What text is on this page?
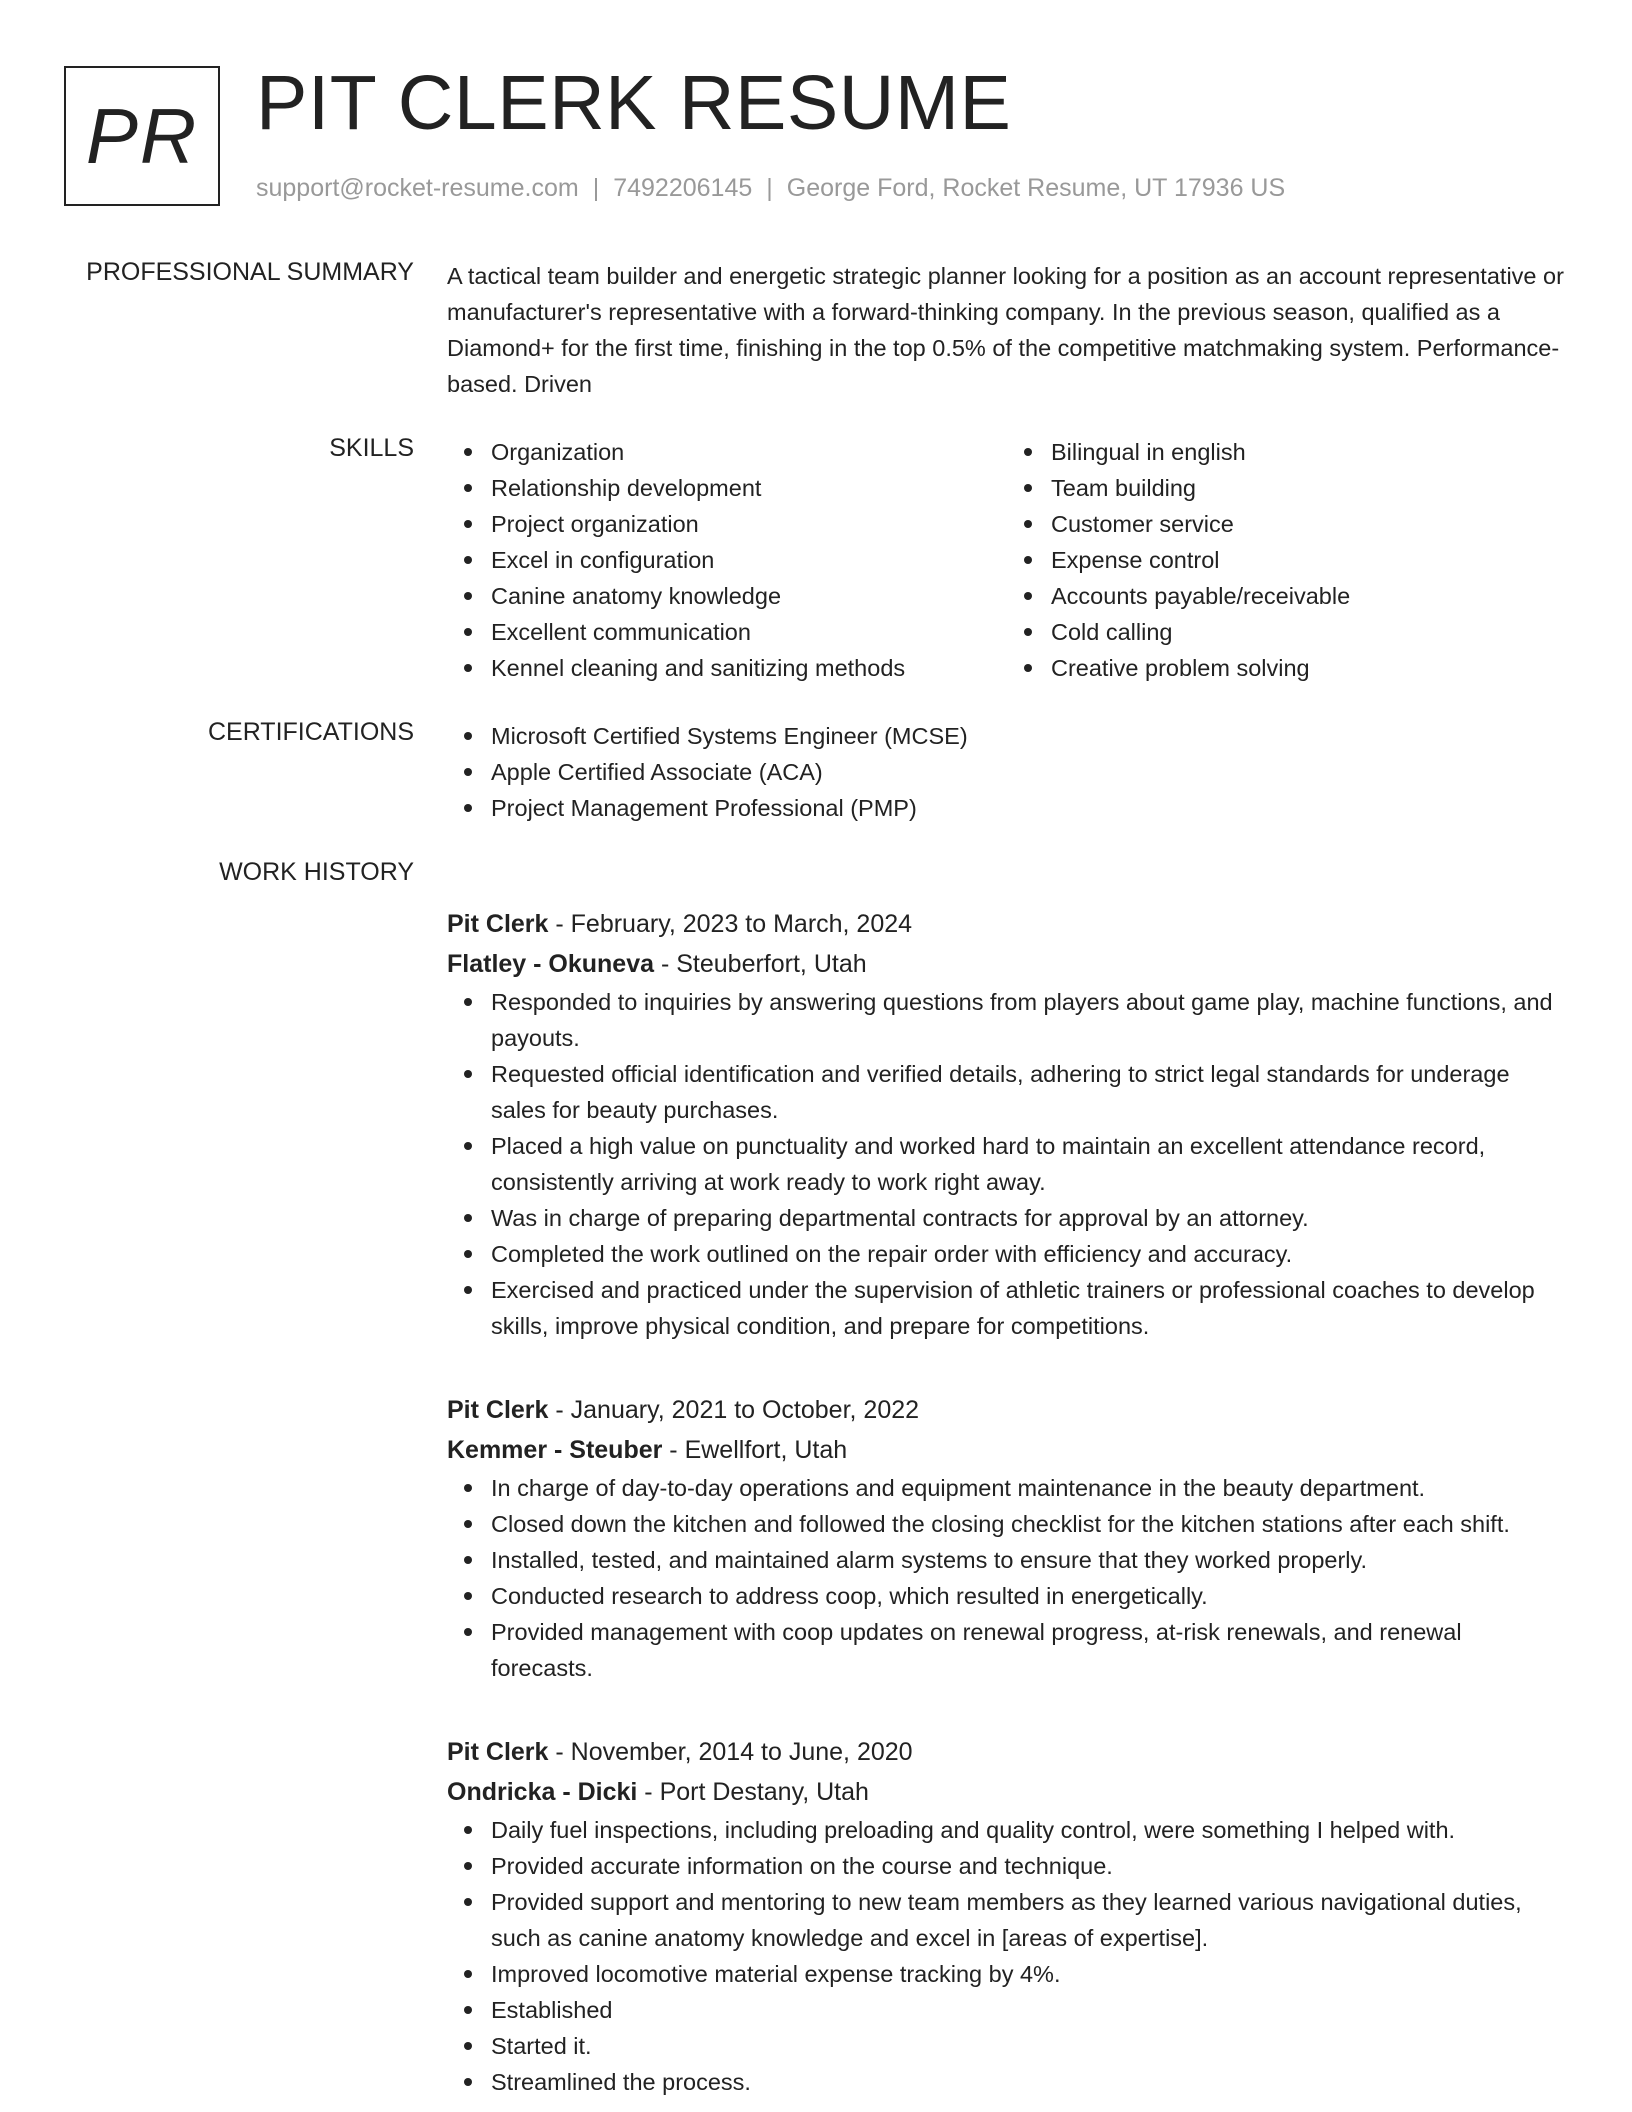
PR PIT CLERK RESUME
support@rocket-resume.com | 7492206145 | George Ford, Rocket Resume, UT 17936 US
PROFESSIONAL SUMMARY A tactical team builder and energetic strategic planner looking for a position as an account representative or manufacturer's representative with a forward-thinking company. In the previous season, qualified as a Diamond+ for the first time, finishing in the top 0.5% of the competitive matchmaking system. Performance-based. Driven

SKILLS	Organization
Relationship development
Project organization
Excel in configuration
Canine anatomy knowledge
Excellent communication
Kennel cleaning and sanitizing methods
Bilingual in english
Team building
Customer service
Expense control
Accounts payable/receivable
Cold calling
Creative problem solving
CERTIFICATIONS	Microsoft Certified Systems Engineer (MCSE)
Apple Certified Associate (ACA)
Project Management Professional (PMP)
WORK HISTORY
Pit Clerk - February, 2023 to March, 2024
Flatley - Okuneva - Steuberfort, Utah
Responded to inquiries by answering questions from players about game play, machine functions, and payouts.
Requested official identification and verified details, adhering to strict legal standards for underage sales for beauty purchases.
Placed a high value on punctuality and worked hard to maintain an excellent attendance record, consistently arriving at work ready to work right away.
Was in charge of preparing departmental contracts for approval by an attorney.
Completed the work outlined on the repair order with efficiency and accuracy.
Exercised and practiced under the supervision of athletic trainers or professional coaches to develop skills, improve physical condition, and prepare for competitions.
Pit Clerk - January, 2021 to October, 2022
Kemmer - Steuber - Ewellfort, Utah
In charge of day-to-day operations and equipment maintenance in the beauty department.
Closed down the kitchen and followed the closing checklist for the kitchen stations after each shift.
Installed, tested, and maintained alarm systems to ensure that they worked properly.
Conducted research to address coop, which resulted in energetically.
Provided management with coop updates on renewal progress, at-risk renewals, and renewal forecasts.
Pit Clerk - November, 2014 to June, 2020
Ondricka - Dicki - Port Destany, Utah
Daily fuel inspections, including preloading and quality control, were something I helped with.
Provided accurate information on the course and technique.
Provided support and mentoring to new team members as they learned various navigational duties, such as canine anatomy knowledge and excel in [areas of expertise].
Improved locomotive material expense tracking by 4%.
Established
Started it.
Streamlined the process.
